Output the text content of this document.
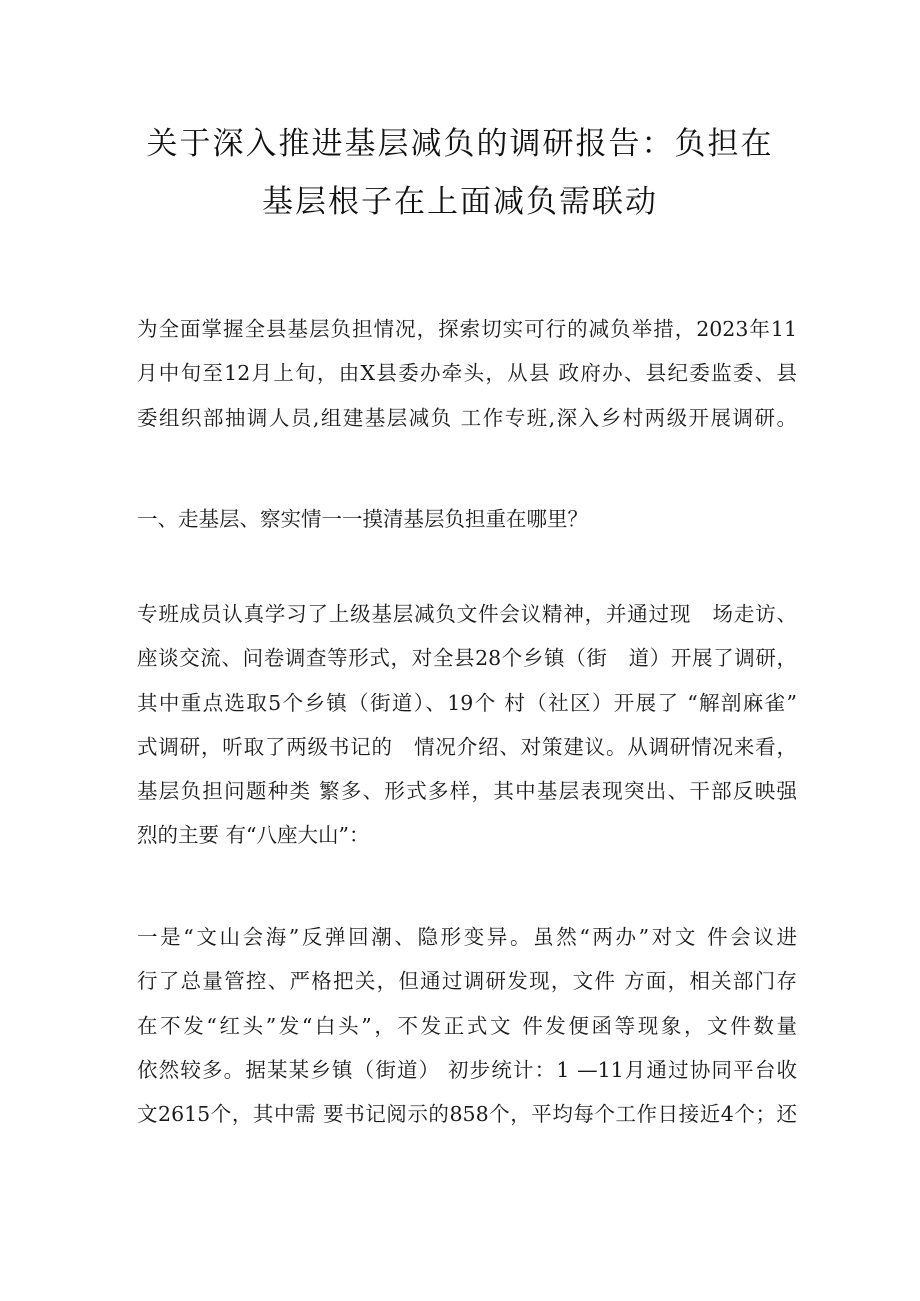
关于深入推进基层减负的调研报告：负担在
基层根子在上面减负需联动
为全面掌握全县基层负担情况，探索切实可行的减负举措，2023年11
月中旬至12月上旬，由X县委办牵头，从县 政府办、县纪委监委、县
委组织部抽调人员,组建基层减负 工作专班,深入乡村两级开展调研。
一、走基层、察实情一一摸清基层负担重在哪里？
专班成员认真学习了上级基层减负文件会议精神，并通过现　场走访、
座谈交流、问卷调查等形式，对全县28个乡镇（街　道）开展了调研，
其中重点选取5个乡镇（街道）、19个 村（社区）开展了 “解剖麻雀”
式调研，听取了两级书记的　情况介绍、对策建议。从调研情况来看，
基层负担问题种类 繁多、形式多样，其中基层表现突出、干部反映强
烈的主要 有“八座大山”：
一是“文山会海”反弹回潮、隐形变异。虽然“两办”对文 件会议进
行了总量管控、严格把关，但通过调研发现，文件 方面，相关部门存
在不发“红头”发“白头”，不发正式文 件发便函等现象，文件数量
依然较多。据某某乡镇（街道） 初步统计：1 —11月通过协同平台收
文2615个，其中需 要书记阅示的858个，平均每个工作日接近4个；还
